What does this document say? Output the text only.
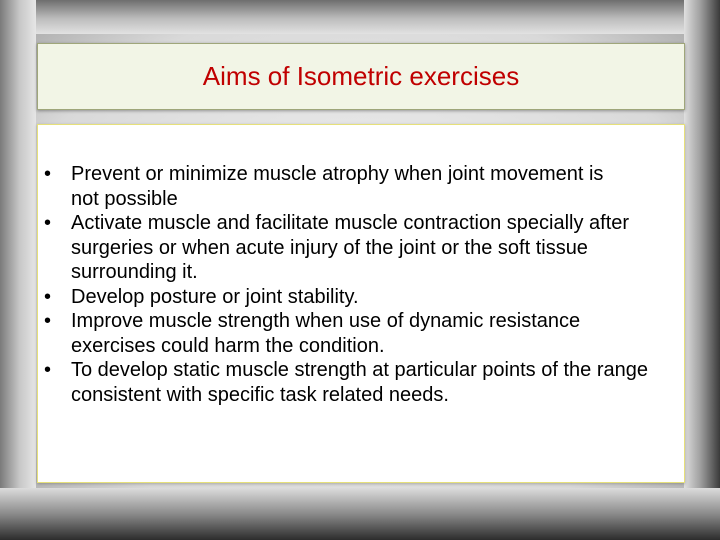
Aims of Isometric exercises
• Prevent or minimize muscle atrophy when joint movement is not possible
• Activate muscle and facilitate muscle contraction specially after surgeries or when acute injury of the joint or the soft tissue surrounding it.
• Develop posture or joint stability.
• Improve muscle strength when use of dynamic resistance exercises could harm the condition.
• To develop static muscle strength at particular points of the range consistent with specific task related needs.
